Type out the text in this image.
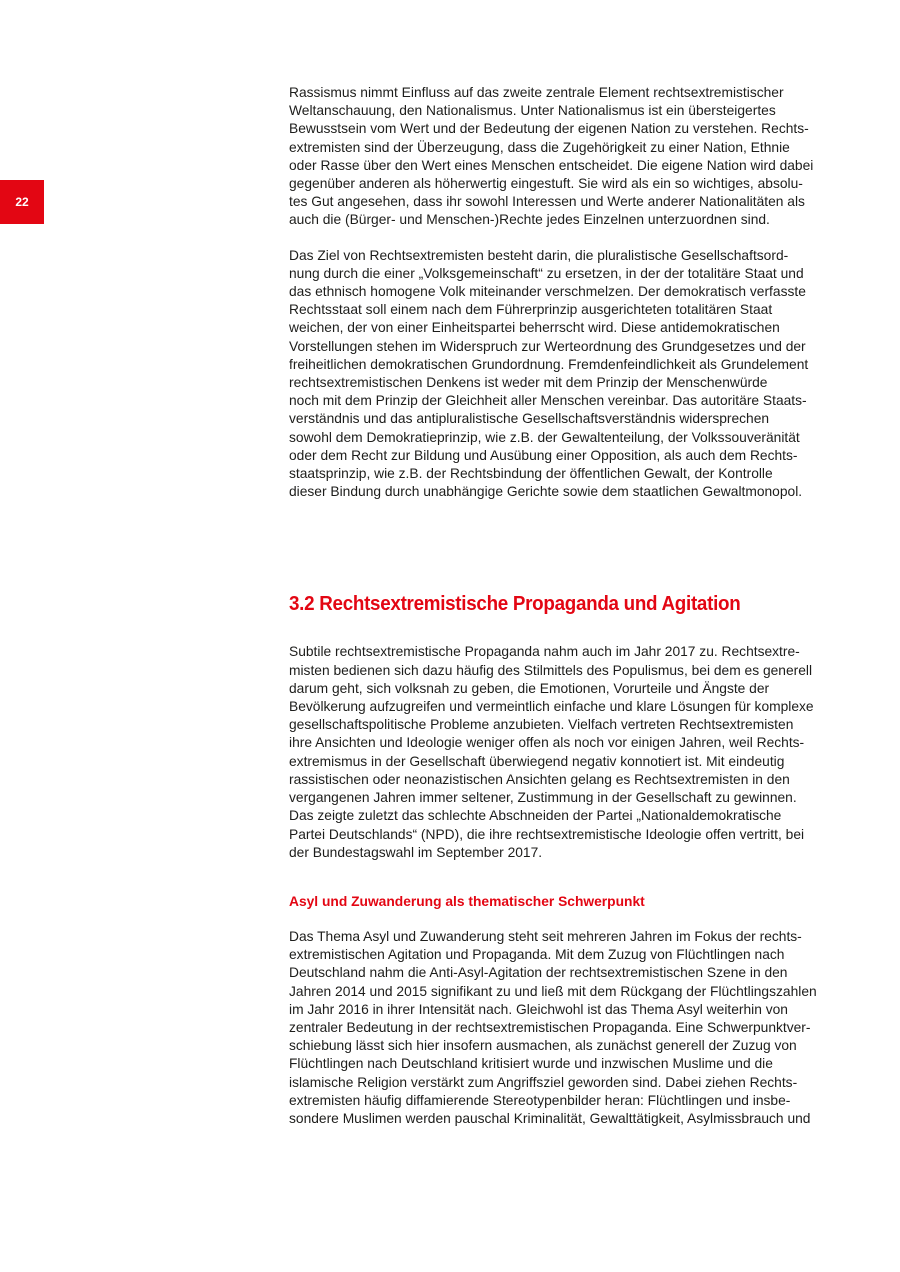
22

Rassismus nimmt Einfluss auf das zweite zentrale Element rechtsextremistischer
Weltanschauung, den Nationalismus. Unter Nationalismus ist ein übersteigertes
Bewusstsein vom Wert und der Bedeutung der eigenen Nation zu verstehen. Rechts-
extremisten sind der Überzeugung, dass die Zugehörigkeit zu einer Nation, Ethnie
oder Rasse über den Wert eines Menschen entscheidet. Die eigene Nation wird dabei
gegenüber anderen als höherwertig eingestuft. Sie wird als ein so wichtiges, absolu-
tes Gut angesehen, dass ihr sowohl Interessen und Werte anderer Nationalitäten als
auch die (Bürger- und Menschen-)Rechte jedes Einzelnen unterzuordnen sind.

Das Ziel von Rechtsextremisten besteht darin, die pluralistische Gesellschaftsord-
nung durch die einer „Volksgemeinschaft“ zu ersetzen, in der der totalitäre Staat und
das ethnisch homogene Volk miteinander verschmelzen. Der demokratisch verfasste
Rechtsstaat soll einem nach dem Führerprinzip ausgerichteten totalitären Staat
weichen, der von einer Einheitspartei beherrscht wird. Diese antidemokratischen
Vorstellungen stehen im Widerspruch zur Werteordnung des Grundgesetzes und der
freiheitlichen demokratischen Grundordnung. Fremdenfeindlichkeit als Grundelement
rechtsextremistischen Denkens ist weder mit dem Prinzip der Menschenwürde
noch mit dem Prinzip der Gleichheit aller Menschen vereinbar. Das autoritäre Staats-
verständnis und das antipluralistische Gesellschaftsverständnis widersprechen
sowohl dem Demokratieprinzip, wie z.B. der Gewaltenteilung, der Volkssouveränität
oder dem Recht zur Bildung und Ausübung einer Opposition, als auch dem Rechts-
staatsprinzip, wie z.B. der Rechtsbindung der öffentlichen Gewalt, der Kontrolle
dieser Bindung durch unabhängige Gerichte sowie dem staatlichen Gewaltmonopol.

3.2 Rechtsextremistische Propaganda und Agitation

Subtile rechtsextremistische Propaganda nahm auch im Jahr 2017 zu. Rechtsextre-
misten bedienen sich dazu häufig des Stilmittels des Populismus, bei dem es generell
darum geht, sich volksnah zu geben, die Emotionen, Vorurteile und Ängste der
Bevölkerung aufzugreifen und vermeintlich einfache und klare Lösungen für komplexe
gesellschaftspolitische Probleme anzubieten. Vielfach vertreten Rechtsextremisten
ihre Ansichten und Ideologie weniger offen als noch vor einigen Jahren, weil Rechts-
extremismus in der Gesellschaft überwiegend negativ konnotiert ist. Mit eindeutig
rassistischen oder neonazistischen Ansichten gelang es Rechtsextremisten in den
vergangenen Jahren immer seltener, Zustimmung in der Gesellschaft zu gewinnen.
Das zeigte zuletzt das schlechte Abschneiden der Partei „Nationaldemokratische
Partei Deutschlands“ (NPD), die ihre rechtsextremistische Ideologie offen vertritt, bei
der Bundestagswahl im September 2017.

Asyl und Zuwanderung als thematischer Schwerpunkt

Das Thema Asyl und Zuwanderung steht seit mehreren Jahren im Fokus der rechts-
extremistischen Agitation und Propaganda. Mit dem Zuzug von Flüchtlingen nach
Deutschland nahm die Anti-Asyl-Agitation der rechtsextremistischen Szene in den
Jahren 2014 und 2015 signifikant zu und ließ mit dem Rückgang der Flüchtlingszahlen
im Jahr 2016 in ihrer Intensität nach. Gleichwohl ist das Thema Asyl weiterhin von
zentraler Bedeutung in der rechtsextremistischen Propaganda. Eine Schwerpunktver-
schiebung lässt sich hier insofern ausmachen, als zunächst generell der Zuzug von
Flüchtlingen nach Deutschland kritisiert wurde und inzwischen Muslime und die
islamische Religion verstärkt zum Angriffsziel geworden sind. Dabei ziehen Rechts-
extremisten häufig diffamierende Stereotypenbilder heran: Flüchtlingen und insbe-
sondere Muslimen werden pauschal Kriminalität, Gewalttätigkeit, Asylmissbrauch und
